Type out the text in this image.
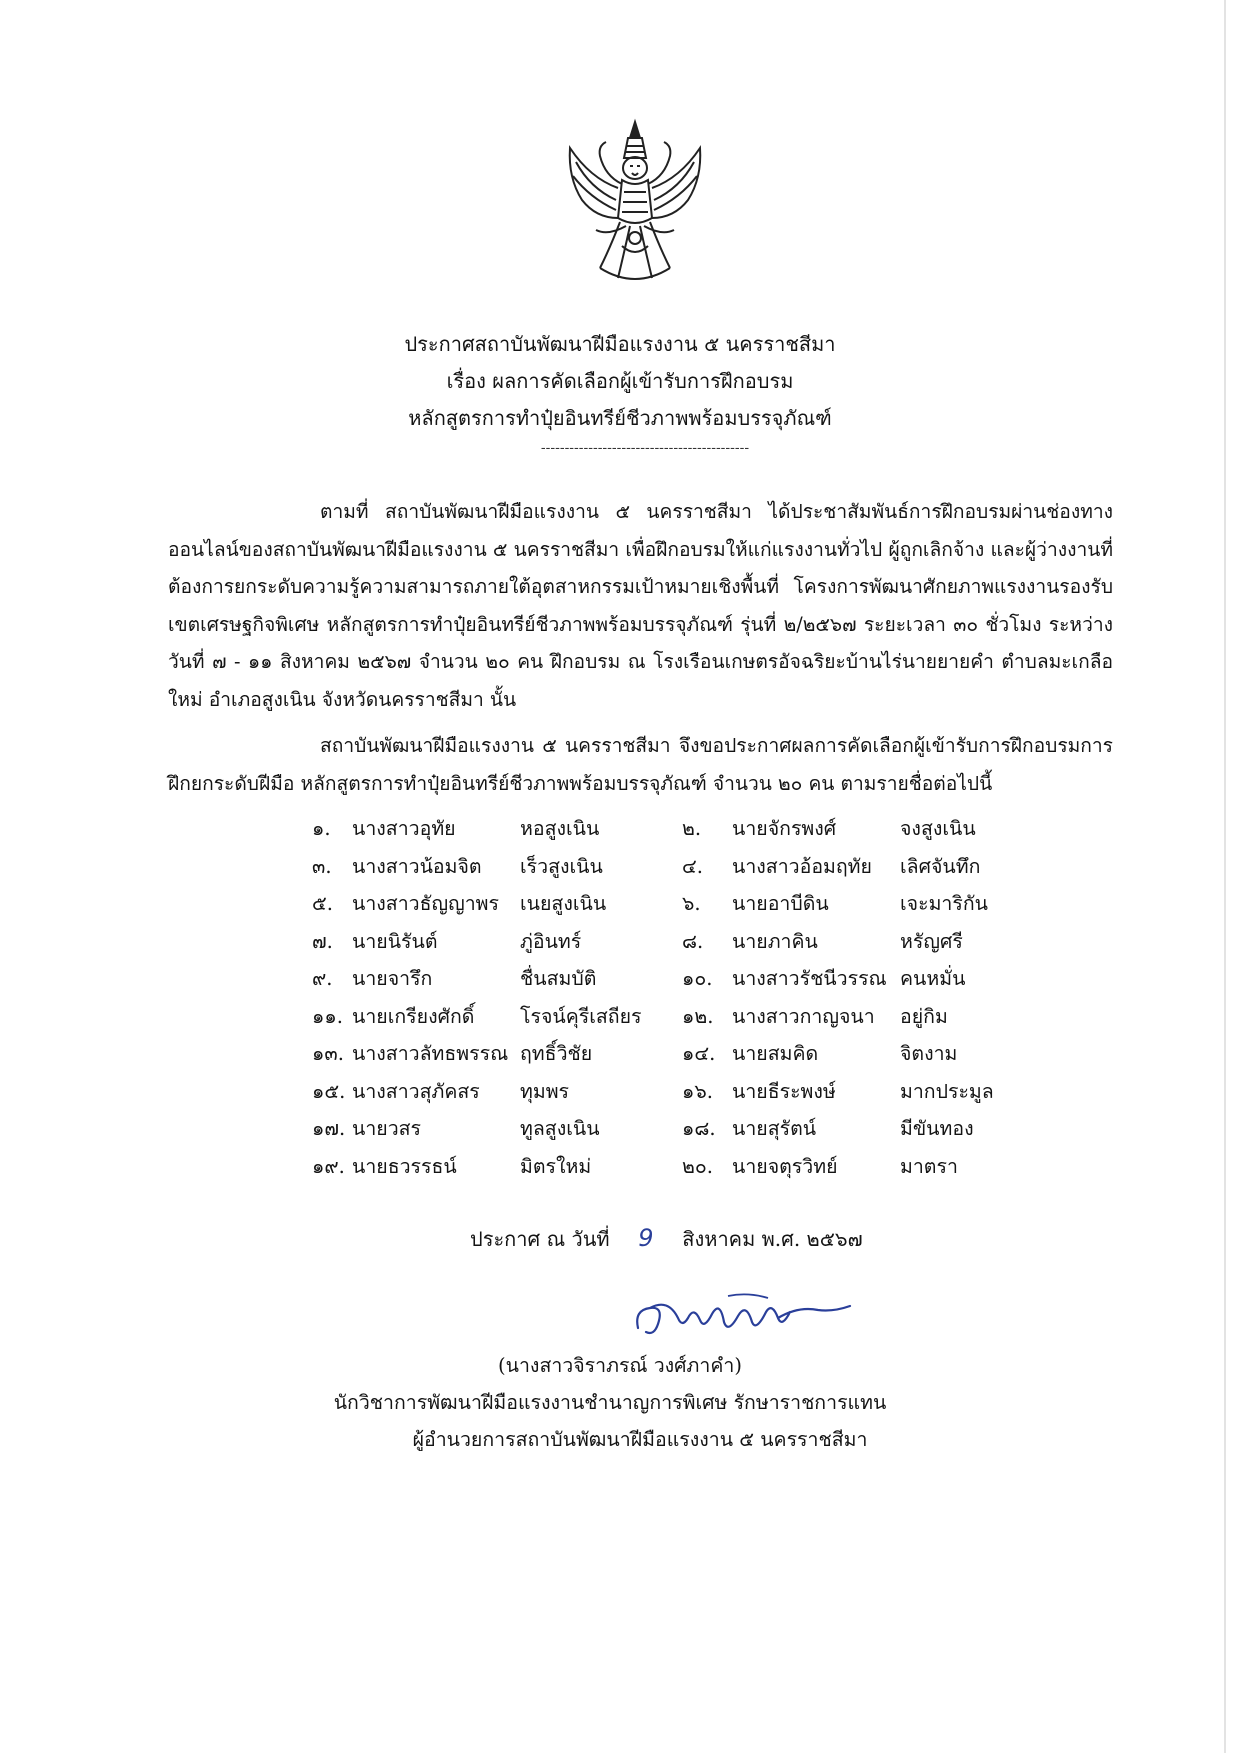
ประกาศสถาบันพัฒนาฝีมือแรงงาน ๕ นครราชสีมา
เรื่อง ผลการคัดเลือกผู้เข้ารับการฝึกอบรม
หลักสูตรการทำปุ๋ยอินทรีย์ชีวภาพพร้อมบรรจุภัณฑ์
--------------------------------------------
ตามที่ สถาบันพัฒนาฝีมือแรงงาน ๕ นครราชสีมา ได้ประชาสัมพันธ์การฝึกอบรมผ่านช่องทางออนไลน์ของสถาบันพัฒนาฝีมือแรงงาน ๕ นครราชสีมา เพื่อฝึกอบรมให้แก่แรงงานทั่วไป ผู้ถูกเลิกจ้าง และผู้ว่างงานที่ต้องการยกระดับความรู้ความสามารถภายใต้อุตสาหกรรมเป้าหมายเชิงพื้นที่ โครงการพัฒนาศักยภาพแรงงานรองรับเขตเศรษฐกิจพิเศษ หลักสูตรการทำปุ๋ยอินทรีย์ชีวภาพพร้อมบรรจุภัณฑ์ รุ่นที่ ๒/๒๕๖๗ ระยะเวลา ๓๐ ชั่วโมง ระหว่างวันที่ ๗ - ๑๑ สิงหาคม ๒๕๖๗ จำนวน ๒๐ คน ฝึกอบรม ณ โรงเรือนเกษตรอัจฉริยะบ้านไร่นายยายคำ ตำบลมะเกลือใหม่ อำเภอสูงเนิน จังหวัดนครราชสีมา นั้น
สถาบันพัฒนาฝีมือแรงงาน ๕ นครราชสีมา จึงขอประกาศผลการคัดเลือกผู้เข้ารับการฝึกอบรมการฝึกยกระดับฝีมือ หลักสูตรการทำปุ๋ยอินทรีย์ชีวภาพพร้อมบรรจุภัณฑ์ จำนวน ๒๐ คน ตามรายชื่อต่อไปนี้
๑. นางสาวอุทัย	หอสูงเนิน	๒. นายจักรพงศ์	จงสูงเนิน
๓. นางสาวน้อมจิต เร็วสูงเนิน	๔. นางสาวอ้อมฤทัย เลิศจันทึก
๕. นางสาวธัญญาพร เนยสูงเนิน	๖. นายอาบีดิน	เจะมาริกัน
๗. นายนิรันต์	ภู่อินทร์	๘. นายภาคิน	หรัญศรี
๙. นายจารึก	ชื่นสมบัติ	๑๐. นางสาวรัชนีวรรณ คนหมั่น
๑๑. นายเกรียงศักดิ์ โรจน์คุรีเสถียร ๑๒. นางสาวกาญจนา อยู่กิม
๑๓. นางสาวลัทธพรรณ ฤทธิ์วิชัย	๑๔. นายสมคิด	จิตงาม
๑๕. นางสาวสุภัคสร ทุมพร	๑๖. นายธีระพงษ์	มากประมูล
๑๗. นายวสร	ทูลสูงเนิน	๑๘. นายสุรัตน์	มีขันทอง
๑๙. นายธวรรธน์	มิตรใหม่	๒๐. นายจตุรวิทย์	มาตรา
ประกาศ ณ วันที่ 9 สิงหาคม พ.ศ. ๒๕๖๗
(นางสาวจิราภรณ์ วงศ์ภาคำ)
นักวิชาการพัฒนาฝีมือแรงงานชำนาญการพิเศษ รักษาราชการแทน
ผู้อำนวยการสถาบันพัฒนาฝีมือแรงงาน ๕ นครราชสีมา
